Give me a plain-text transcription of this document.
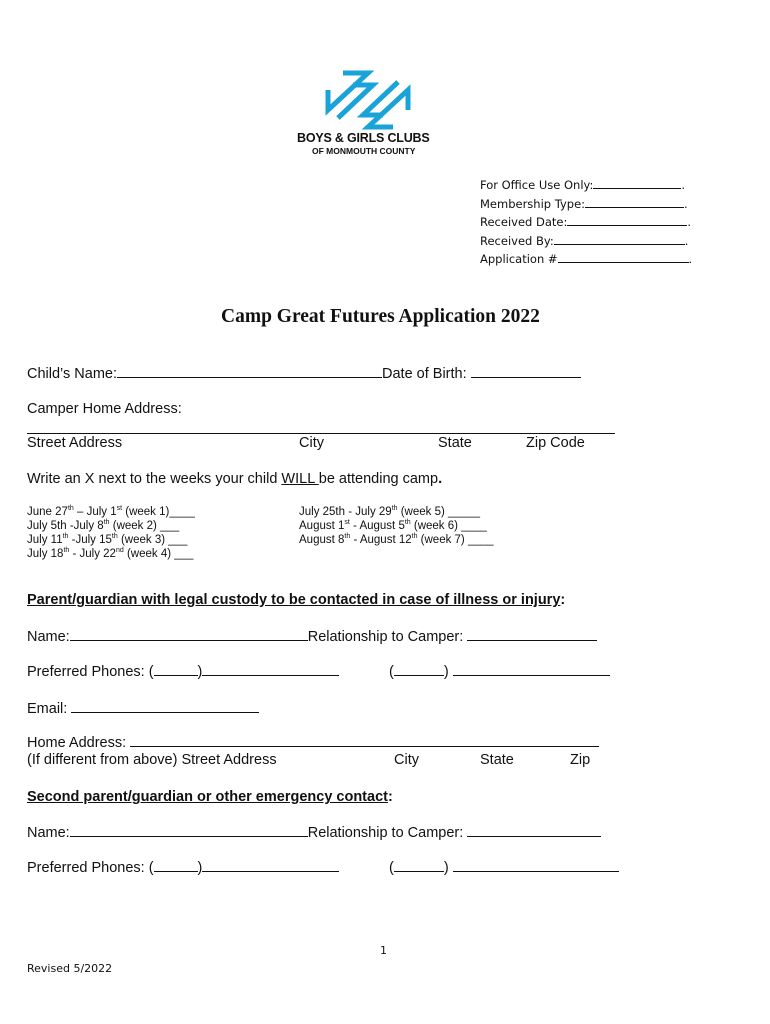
BOYS & GIRLS CLUBS
OF MONMOUTH COUNTY
For Office Use Only:	.
Membership Type:	.
Received Date:	.
Received By:	.
Application #	.
Camp Great Futures Application 2022
Child’s Name:	Date of Birth:
Camper Home Address:
Street Address	City	State	Zip Code
Write an X next to the weeks your child WILL be attending camp.
June 27th – July 1st (week 1)____
July 5th -July 8th (week 2) ___
July 11th -July 15th (week 3) ___
July 18th - July 22nd (week 4) ___
July 25th - July 29th (week 5) _____
August 1st - August 5th (week 6) ____
August 8th - August 12th (week 7) ____
Parent/guardian with legal custody to be contacted in case of illness or injury:
Name:	Relationship to Camper:
Preferred Phones: (	)	(	)
Email:
Home Address:
(If different from above) Street Address	City	State	Zip
Second parent/guardian or other emergency contact:
Name:	Relationship to Camper:
Preferred Phones: (	)	(	)
1
Revised 5/2022
